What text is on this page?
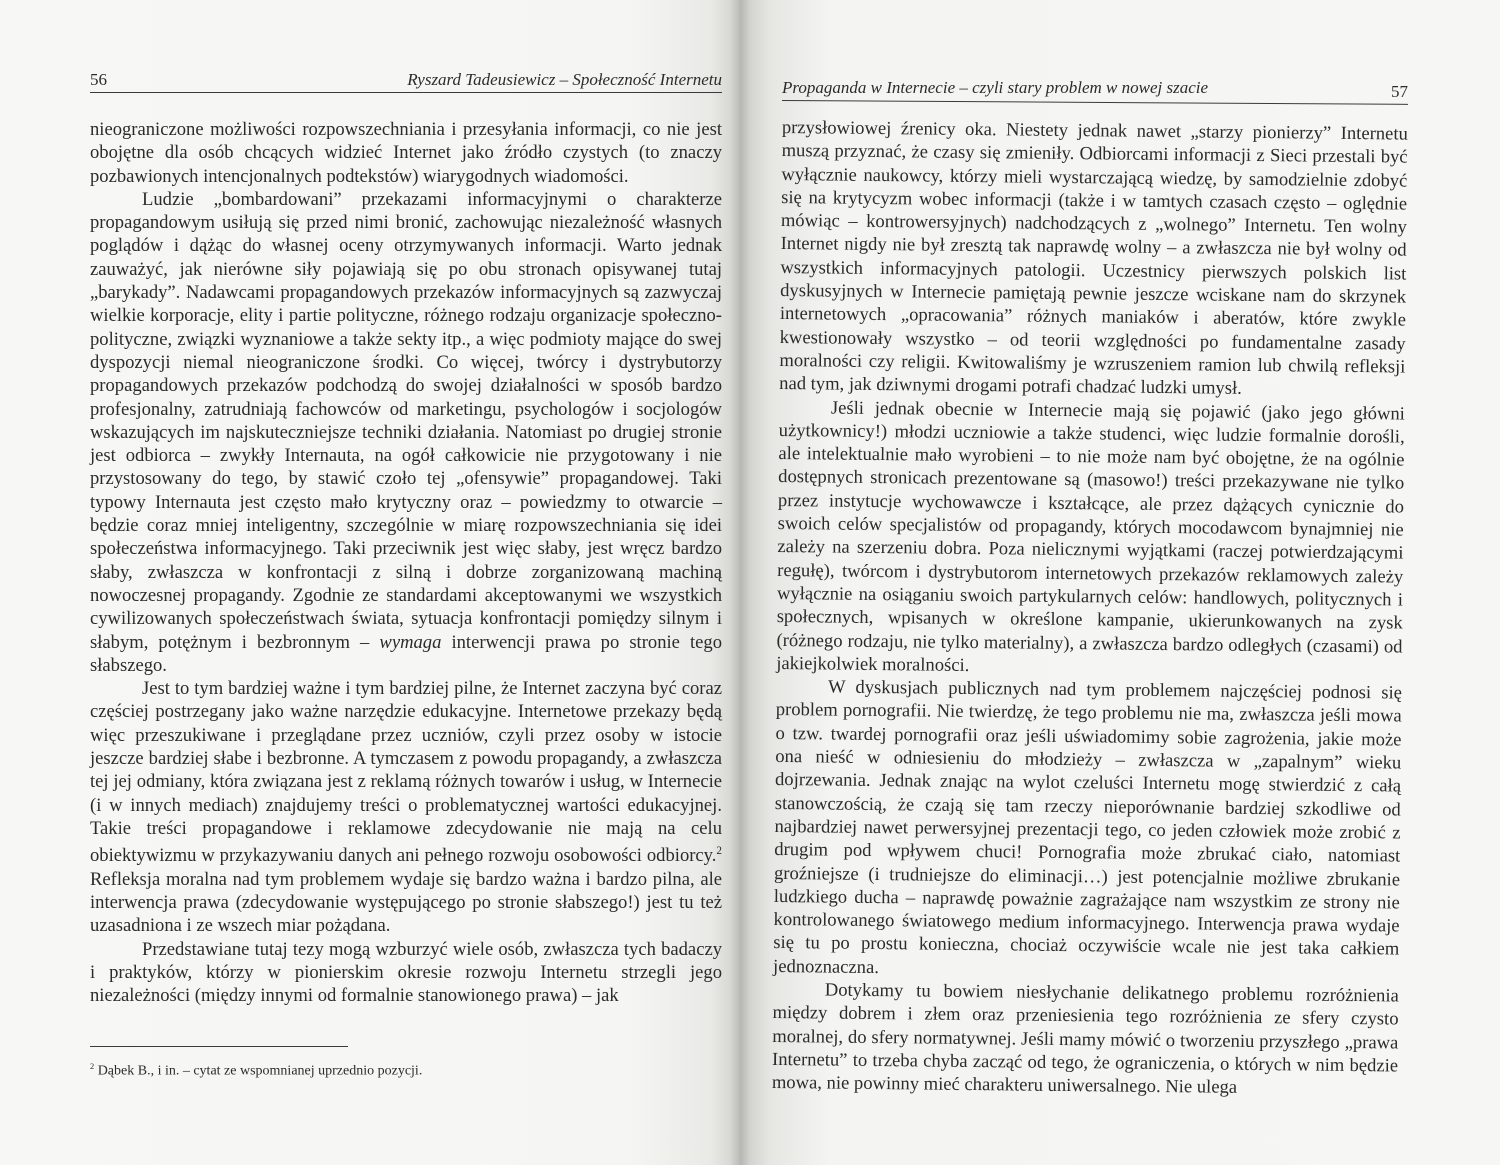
56	Ryszard Tadeusiewicz – Społeczność Internetu

nieograniczone możliwości rozpowszechniania i przesyłania informacji, co nie jest obojętne dla osób chcących widzieć Internet jako źródło czystych (to znaczy pozbawionych intencjonalnych podtekstów) wiarygodnych wiadomości.

Ludzie „bombardowani” przekazami informacyjnymi o charakterze propagandowym usiłują się przed nimi bronić, zachowując niezależność własnych poglądów i dążąc do własnej oceny otrzymywanych informacji. Warto jednak zauważyć, jak nierówne siły pojawiają się po obu stronach opisywanej tutaj „barykady”. Nadawcami propagandowych przekazów informacyjnych są zazwyczaj wielkie korporacje, elity i partie polityczne, różnego rodzaju organizacje społeczno-polityczne, związki wyznaniowe a także sekty itp., a więc podmioty mające do swej dyspozycji niemal nieograniczone środki. Co więcej, twórcy i dystrybutorzy propagandowych przekazów podchodzą do swojej działalności w sposób bardzo profesjonalny, zatrudniają fachowców od marketingu, psychologów i socjologów wskazujących im najskuteczniejsze techniki działania. Natomiast po drugiej stronie jest odbiorca – zwykły Internauta, na ogół całkowicie nie przygotowany i nie przystosowany do tego, by stawić czoło tej „ofensywie” propagandowej. Taki typowy Internauta jest często mało krytyczny oraz – powiedzmy to otwarcie – będzie coraz mniej inteligentny, szczególnie w miarę rozpowszechniania się idei społeczeństwa informacyjnego. Taki przeciwnik jest więc słaby, jest wręcz bardzo słaby, zwłaszcza w konfrontacji z silną i dobrze zorganizowaną machiną nowoczesnej propagandy. Zgodnie ze standardami akceptowanymi we wszystkich cywilizowanych społeczeństwach świata, sytuacja konfrontacji pomiędzy silnym i słabym, potężnym i bezbronnym – wymaga interwencji prawa po stronie tego słabszego.

Jest to tym bardziej ważne i tym bardziej pilne, że Internet zaczyna być coraz częściej postrzegany jako ważne narzędzie edukacyjne. Internetowe przekazy będą więc przeszukiwane i przeglądane przez uczniów, czyli przez osoby w istocie jeszcze bardziej słabe i bezbronne. A tymczasem z powodu propagandy, a zwłaszcza tej jej odmiany, która związana jest z reklamą różnych towarów i usług, w Internecie (i w innych mediach) znajdujemy treści o problematycznej wartości edukacyjnej. Takie treści propagandowe i reklamowe zdecydowanie nie mają na celu obiektywizmu w przykazywaniu danych ani pełnego rozwoju osobowości odbiorcy.$^2$ Refleksja moralna nad tym problemem wydaje się bardzo ważna i bardzo pilna, ale interwencja prawa (zdecydowanie występującego po stronie słabszego!) jest tu też uzasadniona i ze wszech miar pożądana.

Przedstawiane tutaj tezy mogą wzburzyć wiele osób, zwłaszcza tych badaczy i praktyków, którzy w pionierskim okresie rozwoju Internetu strzegli jego niezależności (między innymi od formalnie stanowionego prawa) – jak

$^2$ Dąbek B., i in. – cytat ze wspomnianej uprzednio pozycji.
Propaganda w Internecie – czyli stary problem w nowej szacie	57

przysłowiowej źrenicy oka. Niestety jednak nawet „starzy pionierzy” Internetu muszą przyznać, że czasy się zmieniły. Odbiorcami informacji z Sieci przestali być wyłącznie naukowcy, którzy mieli wystarczającą wiedzę, by samodzielnie zdobyć się na krytycyzm wobec informacji (także i w tamtych czasach często – oględnie mówiąc – kontrowersyjnych) nadchodzących z „wolnego” Internetu. Ten wolny Internet nigdy nie był zresztą tak naprawdę wolny – a zwłaszcza nie był wolny od wszystkich informacyjnych patologii. Uczestnicy pierwszych polskich list dyskusyjnych w Internecie pamiętają pewnie jeszcze wciskane nam do skrzynek internetowych „opracowania” różnych maniaków i aberatów, które zwykle kwestionowały wszystko – od teorii względności po fundamentalne zasady moralności czy religii. Kwitowaliśmy je wzruszeniem ramion lub chwilą refleksji nad tym, jak dziwnymi drogami potrafi chadzać ludzki umysł.

Jeśli jednak obecnie w Internecie mają się pojawić (jako jego główni użytkownicy!) młodzi uczniowie a także studenci, więc ludzie formalnie dorośli, ale intelektualnie mało wyrobieni – to nie może nam być obojętne, że na ogólnie dostępnych stronicach prezentowane są (masowo!) treści przekazywane nie tylko przez instytucje wychowawcze i kształcące, ale przez dążących cynicznie do swoich celów specjalistów od propagandy, których mocodawcom bynajmniej nie zależy na szerzeniu dobra. Poza nielicznymi wyjątkami (raczej potwierdzającymi regułę), twórcom i dystrybutorom internetowych przekazów reklamowych zależy wyłącznie na osiąganiu swoich partykularnych celów: handlowych, politycznych i społecznych, wpisanych w określone kampanie, ukierunkowanych na zysk (różnego rodzaju, nie tylko materialny), a zwłaszcza bardzo odległych (czasami) od jakiejkolwiek moralności.

W dyskusjach publicznych nad tym problemem najczęściej podnosi się problem pornografii. Nie twierdzę, że tego problemu nie ma, zwłaszcza jeśli mowa o tzw. twardej pornografii oraz jeśli uświadomimy sobie zagrożenia, jakie może ona nieść w odniesieniu do młodzieży – zwłaszcza w „zapalnym” wieku dojrzewania. Jednak znając na wylot czeluści Internetu mogę stwierdzić z całą stanowczością, że czają się tam rzeczy nieporównanie bardziej szkodliwe od najbardziej nawet perwersyjnej prezentacji tego, co jeden człowiek może zrobić z drugim pod wpływem chuci! Pornografia może zbrukać ciało, natomiast groźniejsze (i trudniejsze do eliminacji…) jest potencjalnie możliwe zbrukanie ludzkiego ducha – naprawdę poważnie zagrażające nam wszystkim ze strony nie kontrolowanego światowego medium informacyjnego. Interwencja prawa wydaje się tu po prostu konieczna, chociaż oczywiście wcale nie jest taka całkiem jednoznaczna.

Dotykamy tu bowiem niesłychanie delikatnego problemu rozróżnienia między dobrem i złem oraz przeniesienia tego rozróżnienia ze sfery czysto moralnej, do sfery normatywnej. Jeśli mamy mówić o tworzeniu przyszłego „prawa Internetu” to trzeba chyba zacząć od tego, że ograniczenia, o których w nim będzie mowa, nie powinny mieć charakteru uniwersalnego. Nie ulega
